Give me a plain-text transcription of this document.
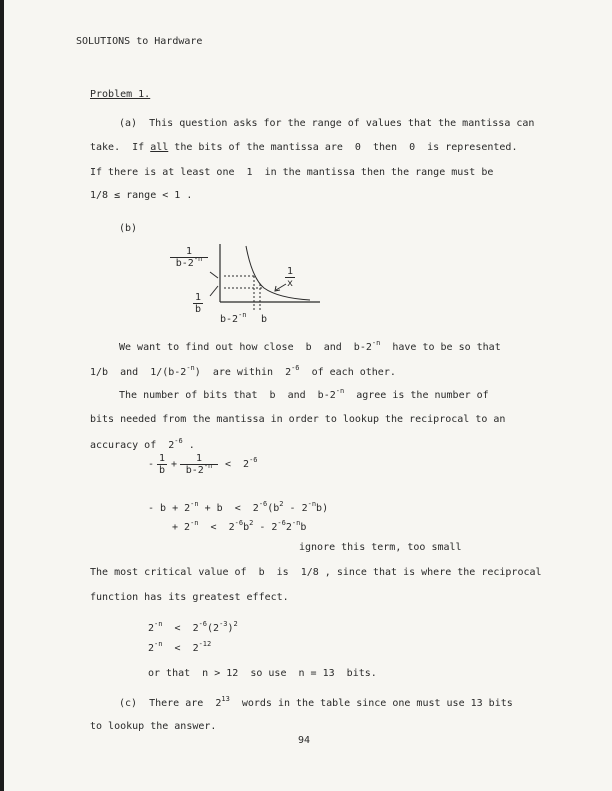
SOLUTIONS to Hardware
Problem 1.
(a)  This question asks for the range of values that the mantissa can
take.  If all the bits of the mantissa are  0  then  0  is represented.
If there is at least one  1  in the mantissa then the range must be
1/8 ≤ range < 1 .
(b)
$\frac{1}{b-2^{-n}}$
$\frac{1}{b}$
$\frac{1}{x}$
$b-2^{-n}$ b
We want to find out how close  b  and  $b-2^{-n}$  have to be so that
1/b  and  $1/(b-2^{-n})$  are within  $2^{-6}$  of each other.
The number of bits that  b  and  $b-2^{-n}$  agree is the number of
bits needed from the mantissa in order to lookup the reciprocal to an
accuracy of  $2^{-6}$ .
- $\frac{1}{b} + \frac{1}{b-2^{-n}} < 2^{-6}$
- $b + 2^{-n} + b < 2^{-6}(b^2 - 2^{-n}b)$
+ $2^{-n} < 2^{-6}b^2 - 2^{-6}2^{-n}b$
ignore this term, too small
The most critical value of  b  is  1/8 , since that is where the reciprocal
function has its greatest effect.
$2^{-n} < 2^{-6}(2^{-3})^2$
$2^{-n} < 2^{-12}$
or that  n > 12  so use  n = 13  bits.
(c)  There are  $2^{13}$  words in the table since one must use 13 bits
to lookup the answer.
94
